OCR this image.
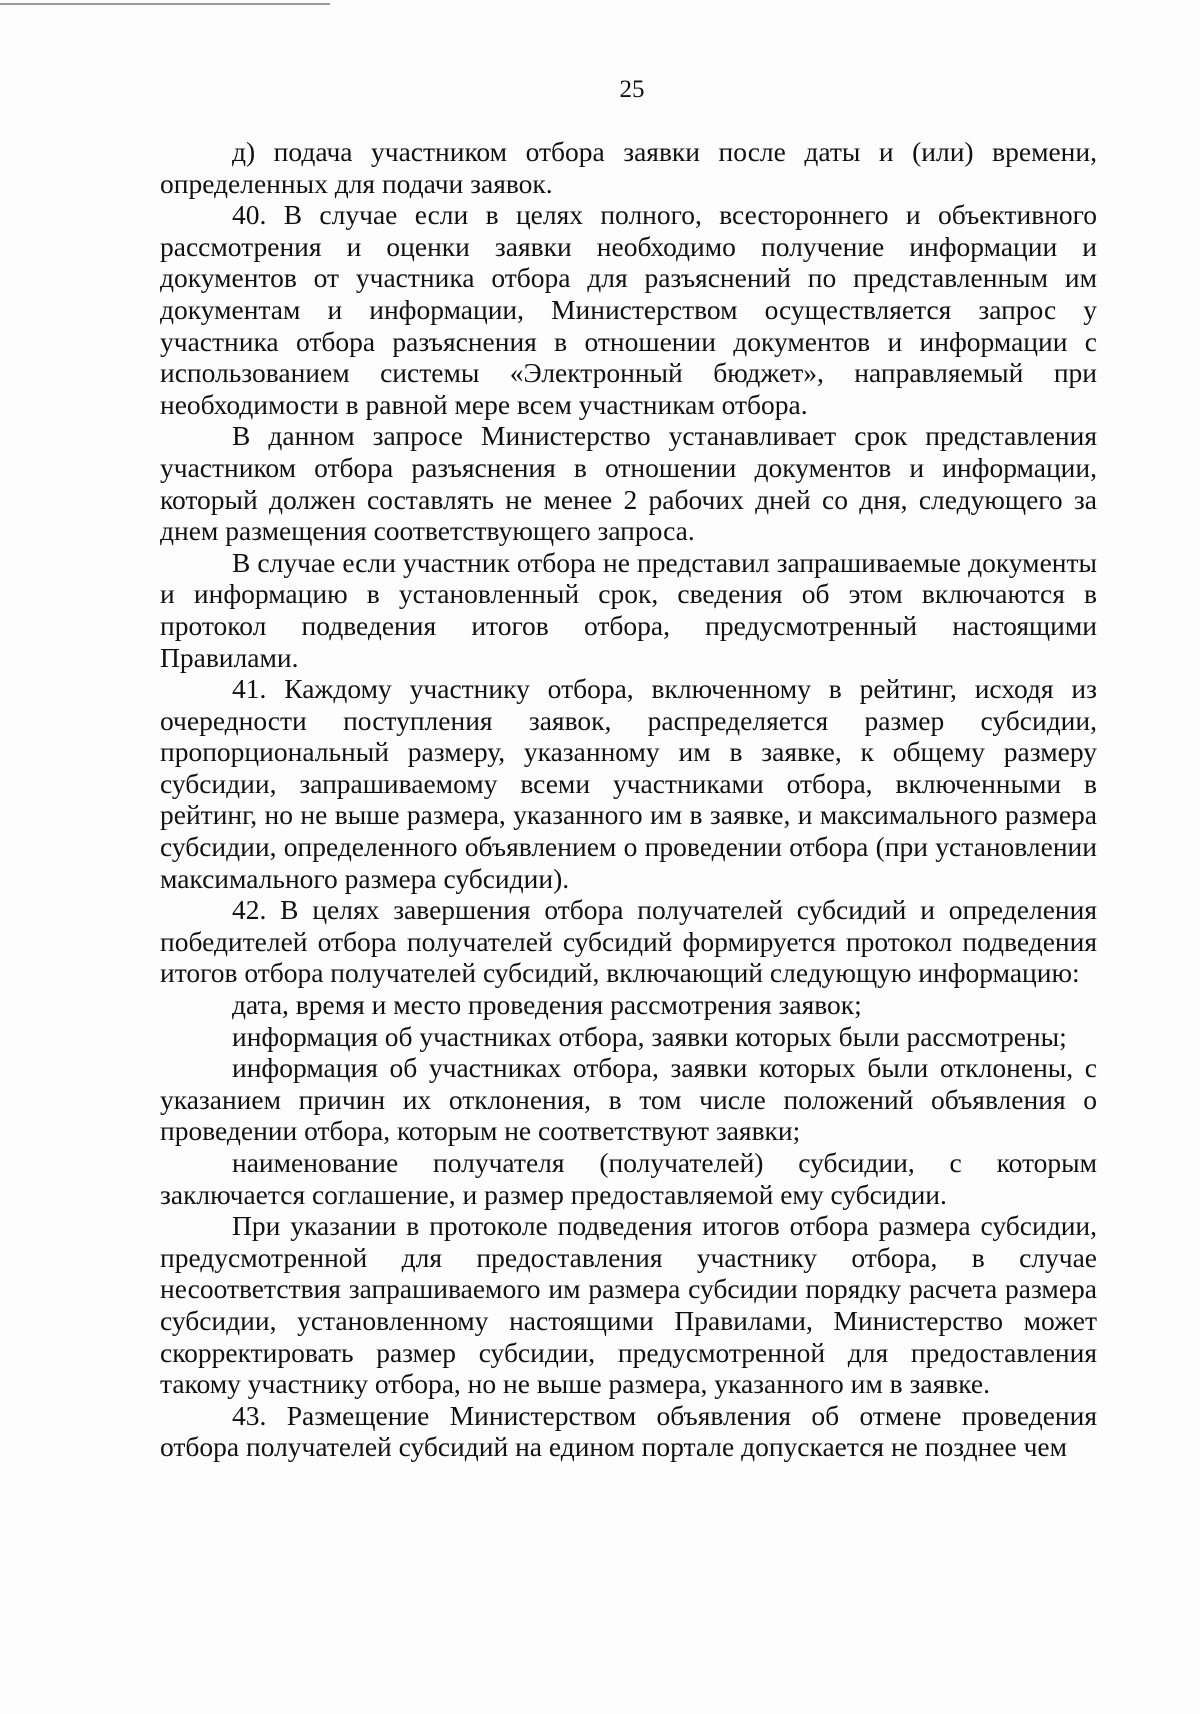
25

д) подача участником отбора заявки после даты и (или) времени, определенных для подачи заявок.

40. В случае если в целях полного, всестороннего и объективного рассмотрения и оценки заявки необходимо получение информации и документов от участника отбора для разъяснений по представленным им документам и информации, Министерством осуществляется запрос у участника отбора разъяснения в отношении документов и информации с использованием системы «Электронный бюджет», направляемый при необходимости в равной мере всем участникам отбора.

В данном запросе Министерство устанавливает срок представления участником отбора разъяснения в отношении документов и информации, который должен составлять не менее 2 рабочих дней со дня, следующего за днем размещения соответствующего запроса.

В случае если участник отбора не представил запрашиваемые документы и информацию в установленный срок, сведения об этом включаются в протокол подведения итогов отбора, предусмотренный настоящими Правилами.

41. Каждому участнику отбора, включенному в рейтинг, исходя из очередности поступления заявок, распределяется размер субсидии, пропорциональный размеру, указанному им в заявке, к общему размеру субсидии, запрашиваемому всеми участниками отбора, включенными в рейтинг, но не выше размера, указанного им в заявке, и максимального размера субсидии, определенного объявлением о проведении отбора (при установлении максимального размера субсидии).

42. В целях завершения отбора получателей субсидий и определения победителей отбора получателей субсидий формируется протокол подведения итогов отбора получателей субсидий, включающий следующую информацию:

дата, время и место проведения рассмотрения заявок;

информация об участниках отбора, заявки которых были рассмотрены;

информация об участниках отбора, заявки которых были отклонены, с указанием причин их отклонения, в том числе положений объявления о проведении отбора, которым не соответствуют заявки;

наименование получателя (получателей) субсидии, с которым заключается соглашение, и размер предоставляемой ему субсидии.

При указании в протоколе подведения итогов отбора размера субсидии, предусмотренной для предоставления участнику отбора, в случае несоответствия запрашиваемого им размера субсидии порядку расчета размера субсидии, установленному настоящими Правилами, Министерство может скорректировать размер субсидии, предусмотренной для предоставления такому участнику отбора, но не выше размера, указанного им в заявке.

43. Размещение Министерством объявления об отмене проведения отбора получателей субсидий на едином портале допускается не позднее чем
